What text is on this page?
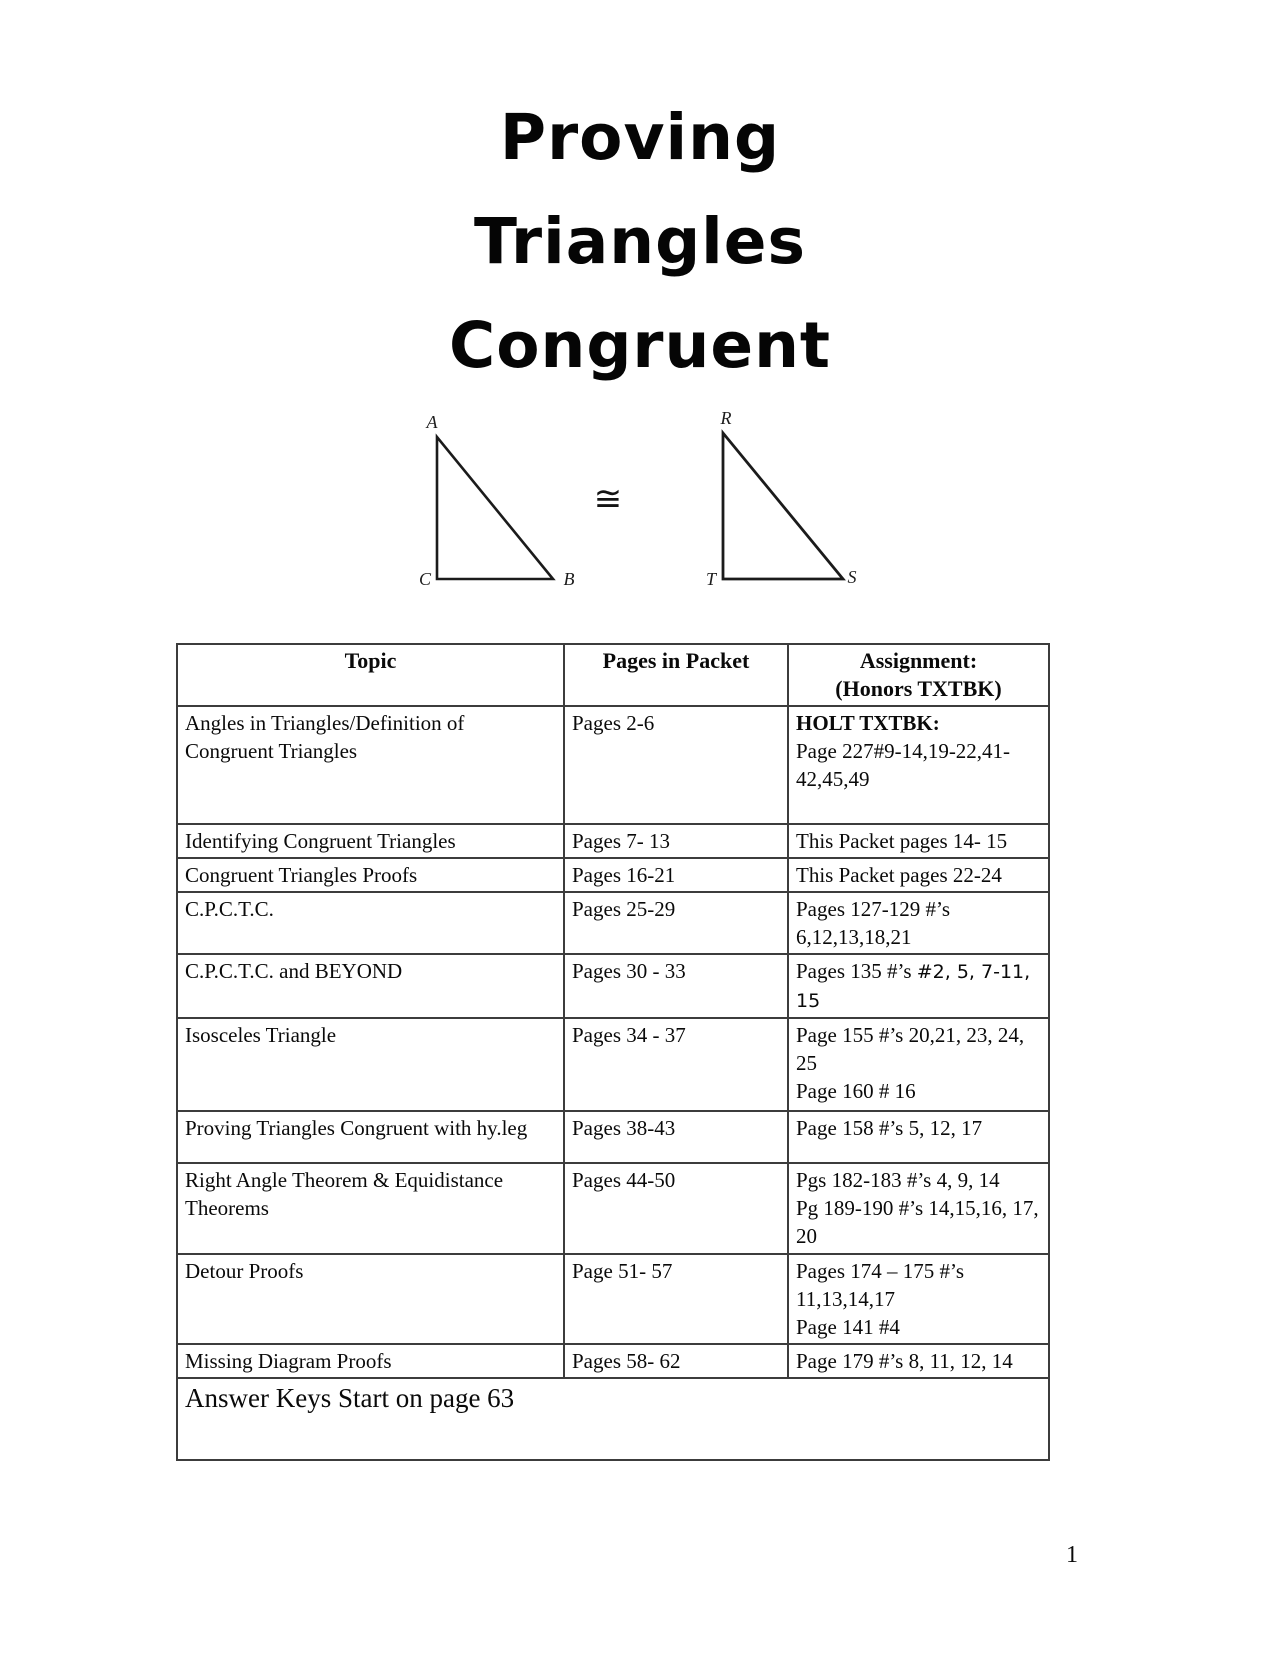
Proving
Triangles
Congruent
A
C	B
≅
R
T	S
Topic	Pages in Packet	Assignment:
(Honors TXTBK)

Angles in Triangles/Definition of Congruent Triangles	Pages 2-6	HOLT TXTBK:
Page 227#9-14,19-22,41-42,45,49

Identifying Congruent Triangles	Pages 7- 13	This Packet pages 14- 15
Congruent Triangles Proofs	Pages 16-21	This Packet pages 22-24
C.P.C.T.C.	Pages 25-29	Pages 127-129 #’s 6,12,13,18,21
C.P.C.T.C. and BEYOND	Pages 30 - 33	Pages 135 #’s #2, 5, 7-11, 15
Isosceles Triangle	Pages 34 - 37	Page 155 #’s 20,21, 23, 24, 25
Page 160 # 16

Proving Triangles Congruent with hy.leg	Pages 38-43	Page 158 #’s 5, 12, 17
Right Angle Theorem & Equidistance Theorems	Pages 44-50	Pgs 182-183 #’s 4, 9, 14
Pg 189-190 #’s 14,15,16, 17, 20

Detour Proofs	Page 51- 57	Pages 174 – 175 #’s 11,13,14,17
Page 141 #4

Missing Diagram Proofs	Pages 58- 62	Page 179 #’s 8, 11, 12, 14
Answer Keys Start on page 63		
1
